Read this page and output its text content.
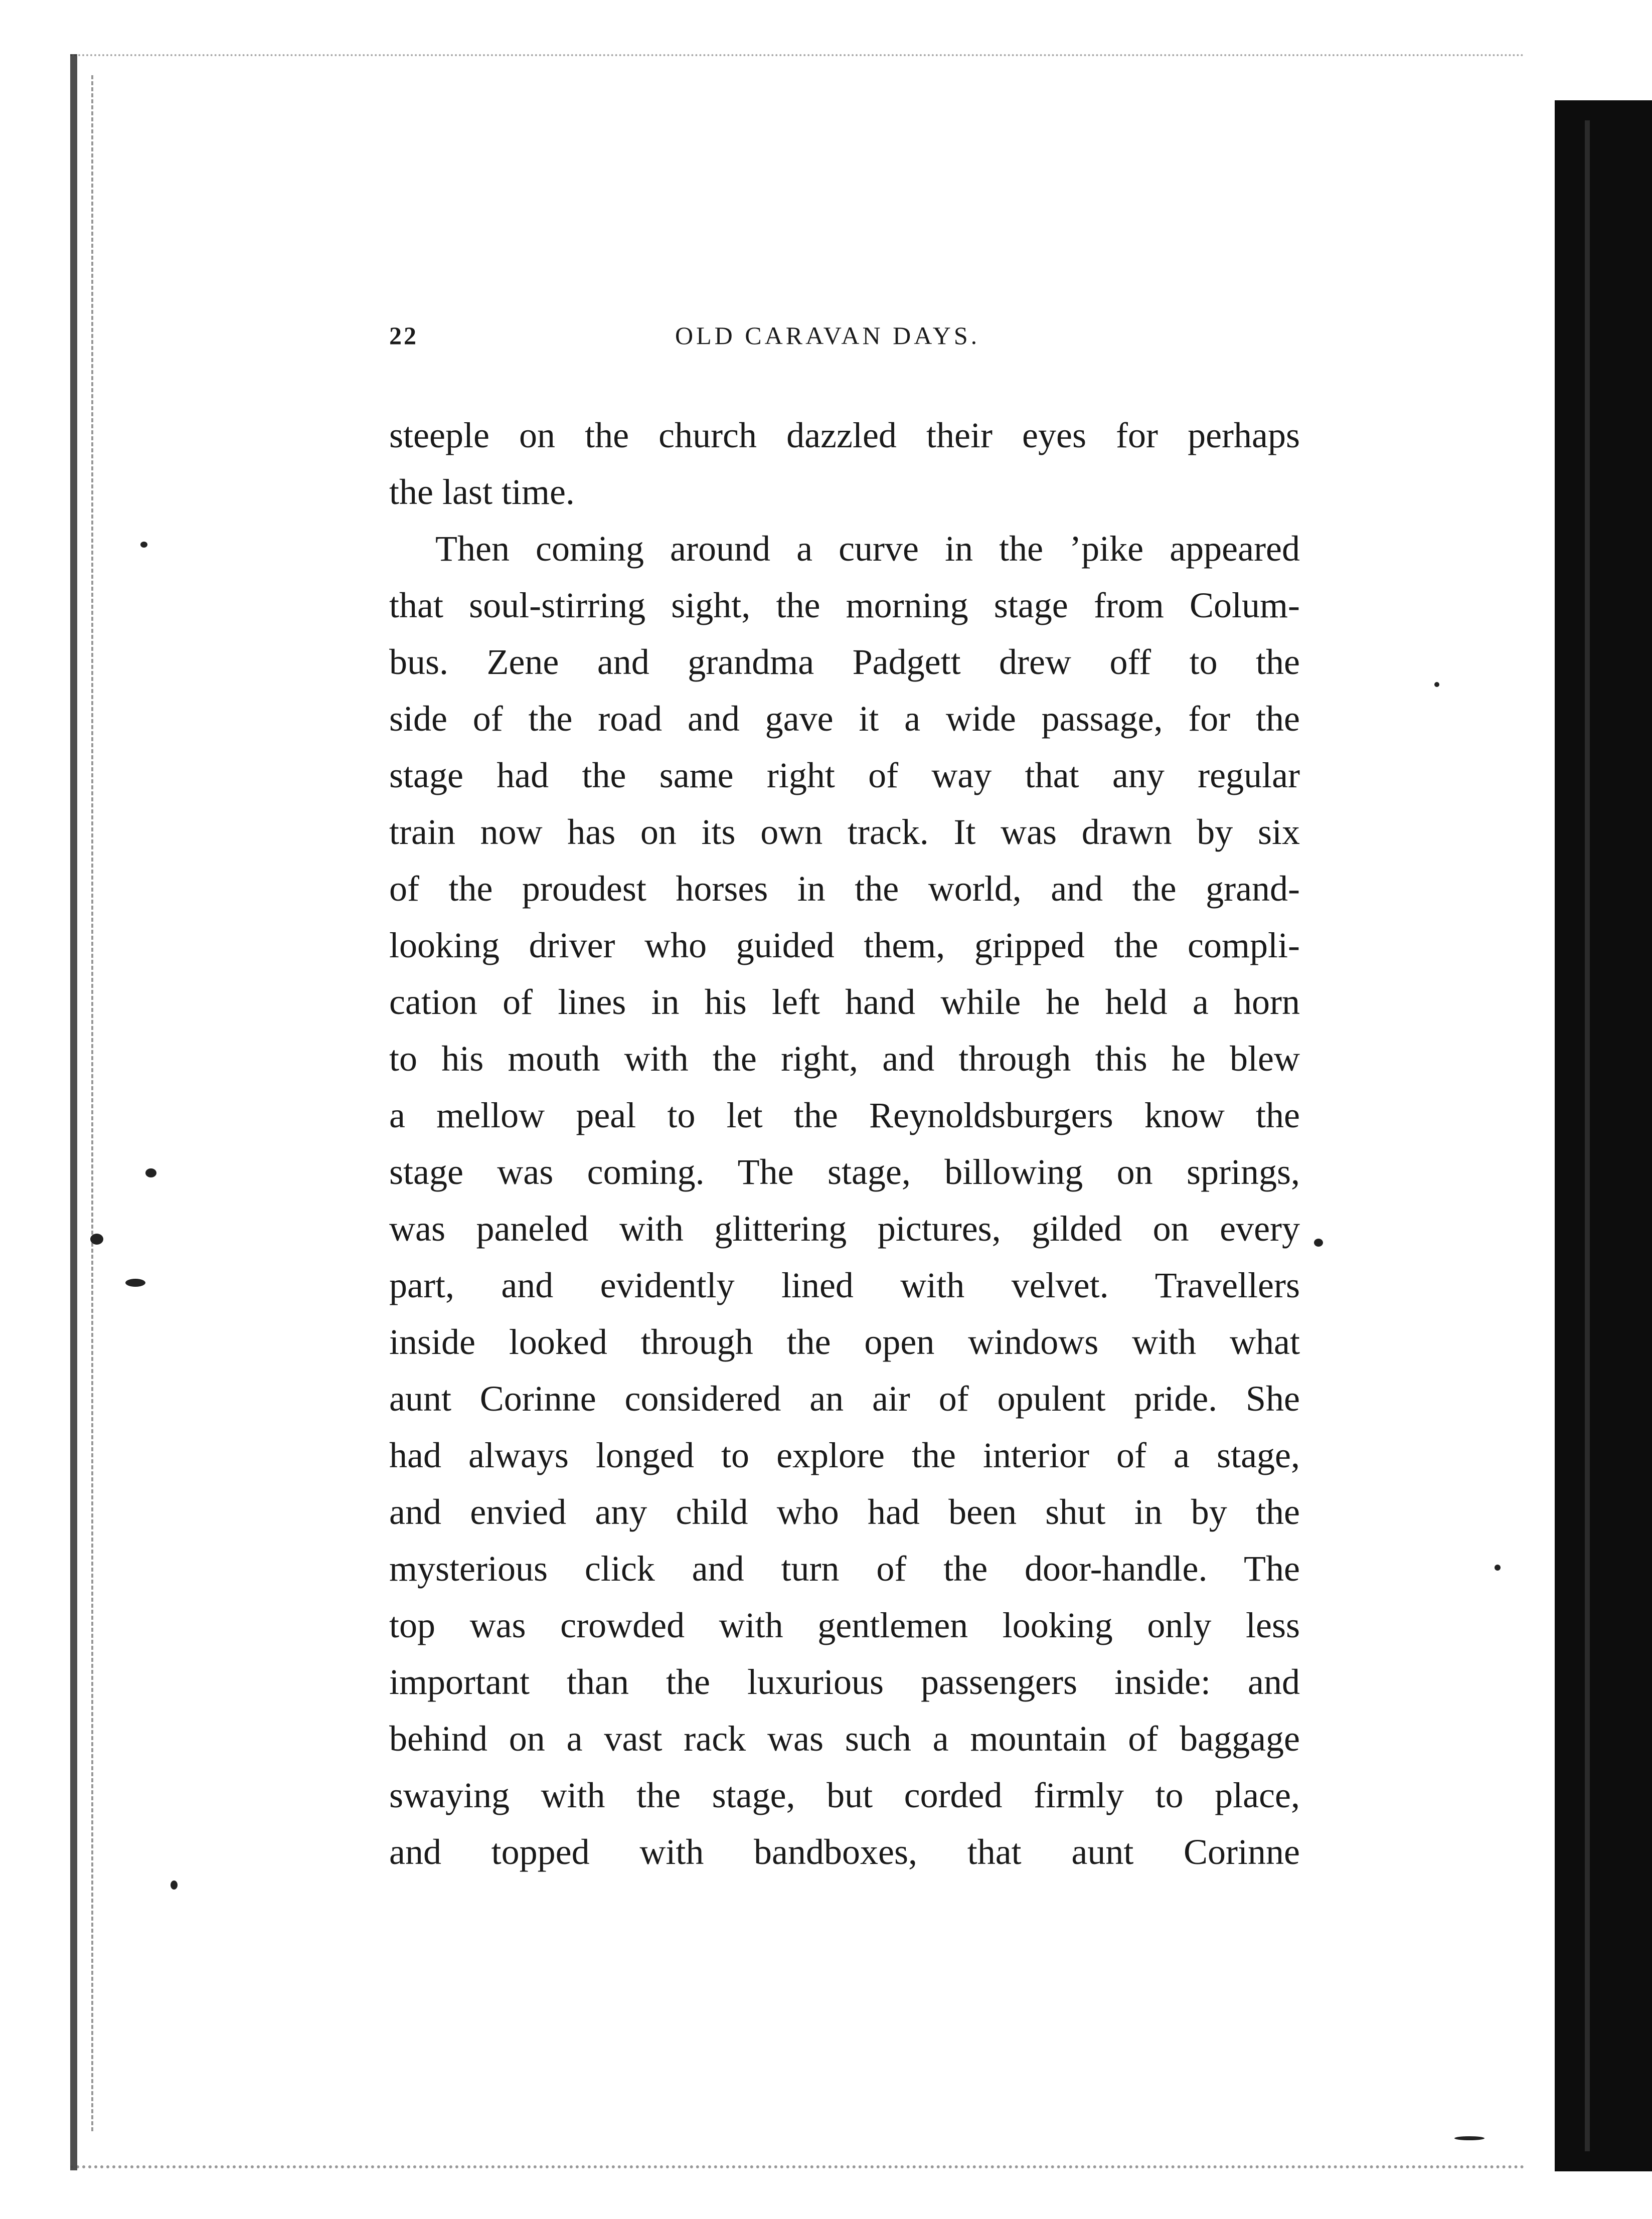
22	OLD CARAVAN DAYS.
steeple on the church dazzled their eyes for perhaps
the last time.
Then coming around a curve in the ’pike appeared
that soul-stirring sight, the morning stage from Colum-
bus. Zene and grandma Padgett drew off to the
side of the road and gave it a wide passage, for the
stage had the same right of way that any regular
train now has on its own track. It was drawn by six
of the proudest horses in the world, and the grand-
looking driver who guided them, gripped the compli-
cation of lines in his left hand while he held a horn
to his mouth with the right, and through this he blew
a mellow peal to let the Reynoldsburgers know the
stage was coming. The stage, billowing on springs,
was paneled with glittering pictures, gilded on every
part, and evidently lined with velvet. Travellers
inside looked through the open windows with what
aunt Corinne considered an air of opulent pride. She
had always longed to explore the interior of a stage,
and envied any child who had been shut in by the
mysterious click and turn of the door-handle. The
top was crowded with gentlemen looking only less
important than the luxurious passengers inside: and
behind on a vast rack was such a mountain of baggage
swaying with the stage, but corded firmly to place,
and topped with bandboxes, that aunt Corinne
